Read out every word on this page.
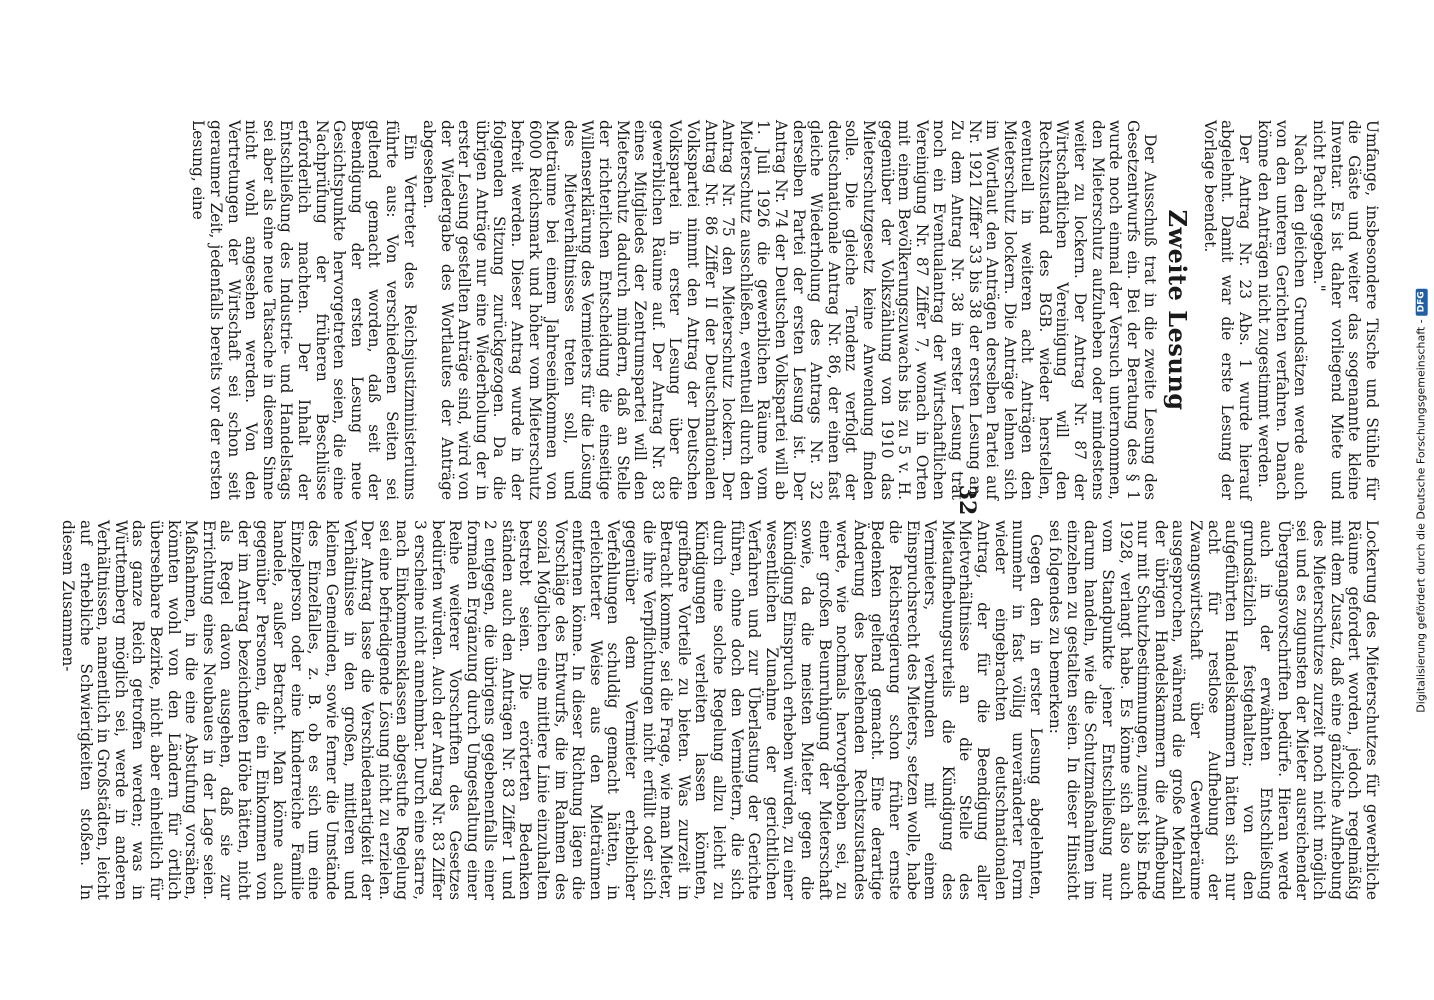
32	Umfange, insbesondere Tische und Stühle für die Gäste und weiter das sogenannte kleine Inventar. Es ist daher vorliegend Miete und nicht Pacht gegeben."

Nach den gleichen Grundsätzen werde auch von den unteren Gerichten verfahren. Danach könne den Anträgen nicht zugestimmt werden.

Der Antrag Nr. 23 Abs. 1 wurde hierauf abgelehnt. Damit war die erste Lesung der Vorlage beendet.

Zweite Lesung

Der Ausschuß trat in die zweite Lesung des Gesetzentwurfs ein. Bei der Beratung des § 1 wurde noch einmal der Versuch unternommen, den Mieterschutz aufzuheben oder mindestens weiter zu lockern. Der Antrag Nr. 87 der Wirtschaftlichen Vereinigung will den Rechtszustand des BGB. wieder herstellen, eventuell in weiteren acht Anträgen den Mieterschutz lockern. Die Anträge lehnen sich im Wortlaut den Anträgen derselben Partei auf Nr. 1921 Ziffer 33 bis 38 der ersten Lesung an. Zu dem Antrag Nr. 38 in erster Lesung trat noch ein Eventualantrag der Wirtschaftlichen Vereinigung Nr. 87 Ziffer 7, wonach in Orten mit einem Bevölkerungszuwachs bis zu 5 v. H. gegenüber der Volkszählung von 1910 das Mieterschutzgesetz keine Anwendung finden solle. Die gleiche Tendenz verfolgt der deutschnationale Antrag Nr. 86, der einen fast gleiche Wiederholung des Antrags Nr. 32 derselben Partei der ersten Lesung ist. Der Antrag Nr. 74 der Deutschen Volkspartei will ab 1. Juli 1926 die gewerblichen Räume vom Mieterschutz ausschließen, eventuell durch den Antrag Nr. 75 den Mieterschutz lockern. Der Antrag Nr. 86 Ziffer II der Deutschnationalen Volkspartei nimmt den Antrag der Deutschen Volkspartei in erster Lesung über die gewerblichen Räume auf. Der Antrag Nr. 83 eines Mitgliedes der Zentrumspartei will den Mieterschutz dadurch mindern, daß an Stelle der richterlichen Entscheidung die einseitige Willenserklärung des Vermieters für die Lösung des Mietverhältnisses treten soll, und Mieträume bei einem Jahreseinkommen von 6000 Reichsmark und höher vom Mieterschutz befreit werden. Dieser Antrag wurde in der folgenden Sitzung zurückgezogen. Da die übrigen Anträge nur eine Wiederholung der in erster Lesung gestellten Anträge sind, wird von der Wiedergabe des Wortlautes der Anträge abgesehen.

Ein Vertreter des Reichsjustizministeriums führte aus: Von verschiedenen Seiten sei geltend gemacht worden, daß seit der Beendigung der ersten Lesung neue Gesichtspunkte hervorgetreten seien, die eine Nachprüfung der früheren Beschlüsse erforderlich machten. Der Inhalt der Entschließung des Industrie- und Handelstags sei aber als eine neue Tatsache in diesem Sinne nicht wohl angesehen werden. Von den Vertretungen der Wirtschaft sei schon seit geraumer Zeit, jedenfalls bereits vor der ersten Lesung, eine

Lockerung des Mieterschutzes für gewerbliche Räume gefordert worden, jedoch regelmäßig mit dem Zusatz, daß eine gänzliche Aufhebung des Mieterschutzes zurzeit noch nicht möglich sei und es zugunsten der Mieter ausreichender Übergangsvorschriften bedürfe. Hieran werde auch in der erwähnten Entschließung grundsätzlich festgehalten; von den aufgeführten Handelskammern hätten sich nur acht für restlose Aufhebung der Zwangswirtschaft über Gewerberäume ausgesprochen, während die große Mehrzahl der übrigen Handelskammern die Aufhebung nur mit Schutzbestimmungen, zumeist bis Ende 1928, verlangt habe. Es könne sich also auch vom Standpunkte jener Entschließung nur darum handeln, wie die Schutzmaßnahmen im einzelnen zu gestalten seien. In dieser Hinsicht sei folgendes zu bemerken:

Gegen den in erster Lesung abgelehnten, nunmehr in fast völlig unveränderter Form wieder eingebrachten deutschnationalen Antrag, der für die Beendigung aller Mietverhältnisse an die Stelle des Mietaufhebungsurteils die Kündigung des Vermieters, verbunden mit einem Einspruchsrecht des Mieters, setzen wolle, habe die Reichsregierung schon früher ernste Bedenken geltend gemacht. Eine derartige Änderung des bestehenden Rechtszustandes werde, wie nochmals hervorgehoben sei, zu einer großen Beunruhigung der Mieterschaft sowie, da die meisten Mieter gegen die Kündigung Einspruch erheben würden, zu einer wesentlichen Zunahme der gerichtlichen Verfahren und zur Überlastung der Gerichte führen, ohne doch den Vermietern, die sich durch eine solche Regelung allzu leicht zu Kündigungen verleiten lassen könnten, greifbare Vorteile zu bieten. Was zurzeit in Betracht komme, sei die Frage, wie man Mieter, die ihre Verpflichtungen nicht erfüllt oder sich gegenüber dem Vermieter erheblicher Verfehlungen schuldig gemacht hätten, in erleichterter Weise aus den Mieträumen entfernen könne. In dieser Richtung lägen die Vorschläge des Entwurfs, die im Rahmen des sozial Möglichen eine mittlere Linie einzuhalten bestrebt seien. Die erörterten Bedenken ständen auch den Anträgen Nr. 83 Ziffer 1 und 2 entgegen, die übrigens gegebenenfalls einer formalen Ergänzung durch Umgestaltung einer Reihe weiterer Vorschriften des Gesetzes bedürfen würden. Auch der Antrag Nr. 83 Ziffer 3 erscheine nicht annehmbar. Durch eine starre, nach Einkommensklassen abgestufte Regelung sei eine befriedigende Lösung nicht zu erzielen. Der Antrag lasse die Verschiedenartigkeit der Verhältnisse in den großen, mittleren und kleinen Gemeinden, sowie ferner die Umstände des Einzelfalles, z. B. ob es sich um eine Einzelperson oder eine kinderreiche Familie handele, außer Betracht. Man könne auch gegenüber Personen, die ein Einkommen von der im Antrag bezeichneten Höhe hätten, nicht als Regel davon ausgehen, daß sie zur Errichtung eines Neubaues in der Lage seien. Maßnahmen, in die eine Abstufung vorsähen, könnten wohl von den Ländern für örtlich übersehbare Bezirke, nicht aber einheitlich für das ganze Reich getroffen werden; was in Württemberg möglich sei, werde in anderen Verhältnissen, namentlich in Großstädten, leicht auf erhebliche Schwierigkeiten stoßen. In diesem Zusammen-	Digitalisierung gefördert durch die Deutsche Forschungsgemeinschaft -
DFG
